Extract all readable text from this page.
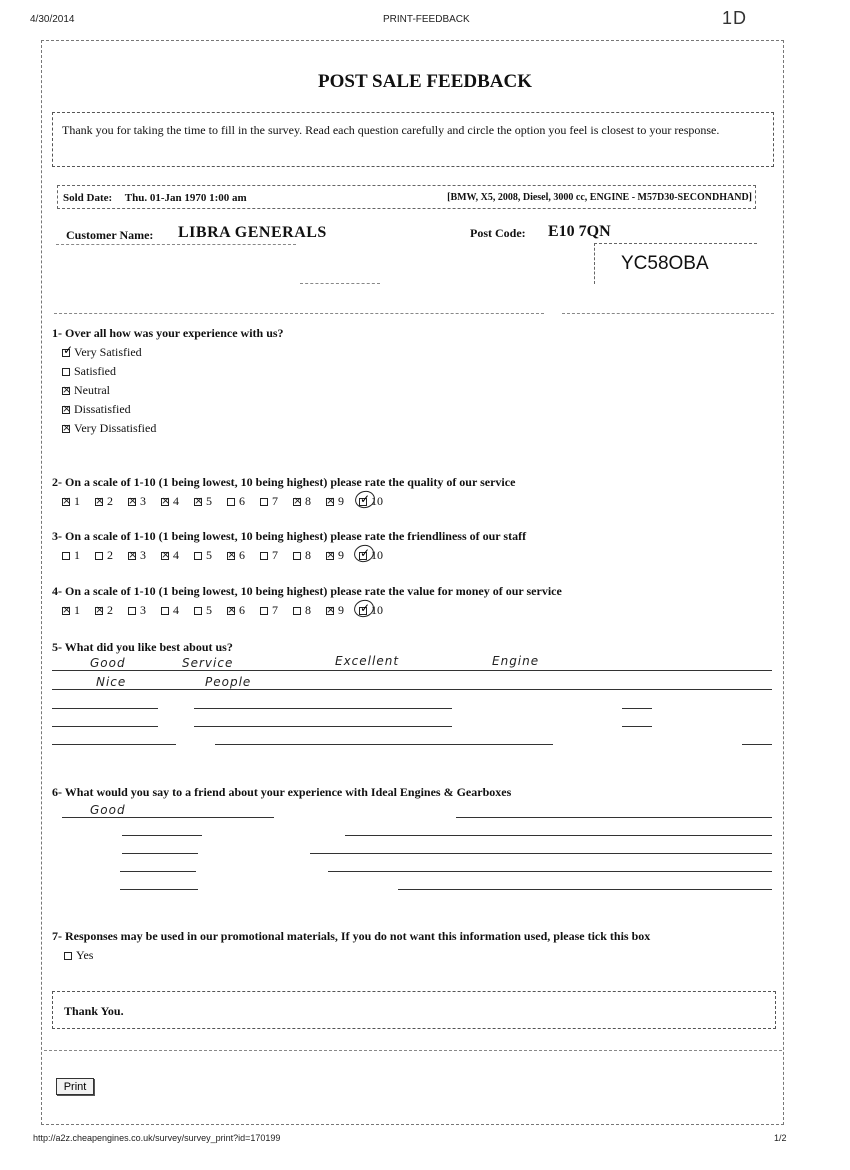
4/30/2014	PRINT-FEEDBACK	1D
http://a2z.cheapengines.co.uk/survey/survey_print?id=170199	1/2
POST SALE FEEDBACK
Thank you for taking the time to fill in the survey. Read each question carefully and circle the option you feel is closest to your response.
Sold Date: Thu. 01-Jan 1970 1:00 am	[BMW, X5, 2008, Diesel, 3000 cc, ENGINE - M57D30-SECONDHAND]
Customer Name: LIBRA GENERALS	Post Code: E10 7QN
YC58OBA
1- Over all how was your experience with us?
✓
Very Satisfied
Satisfied
×
Neutral
×
Dissatisfied
×
Very Dissatisfied
2- On a scale of 1-10 (1 being lowest, 10 being highest) please rate the quality of our service
×
1 × 2 × 3 × 4 × 5 6 7 × 8 × 9 ✓ 10
3- On a scale of 1-10 (1 being lowest, 10 being highest) please rate the friendliness of our staff
1 2 × 3 × 4 5 × 6 7 8 × 9 ✓ 10
4- On a scale of 1-10 (1 being lowest, 10 being highest) please rate the value for money of our service
×
1 × 2 3 4 5 × 6 7 8 × 9 ✓ 10
5- What did you like best about us?
Good	Service	Excellent	Engine
Nice	People
6- What would you say to a friend about your experience with Ideal Engines & Gearboxes
Good
7- Responses may be used in our promotional materials, If you do not want this information used, please tick this box
Yes
Thank You.
Print
